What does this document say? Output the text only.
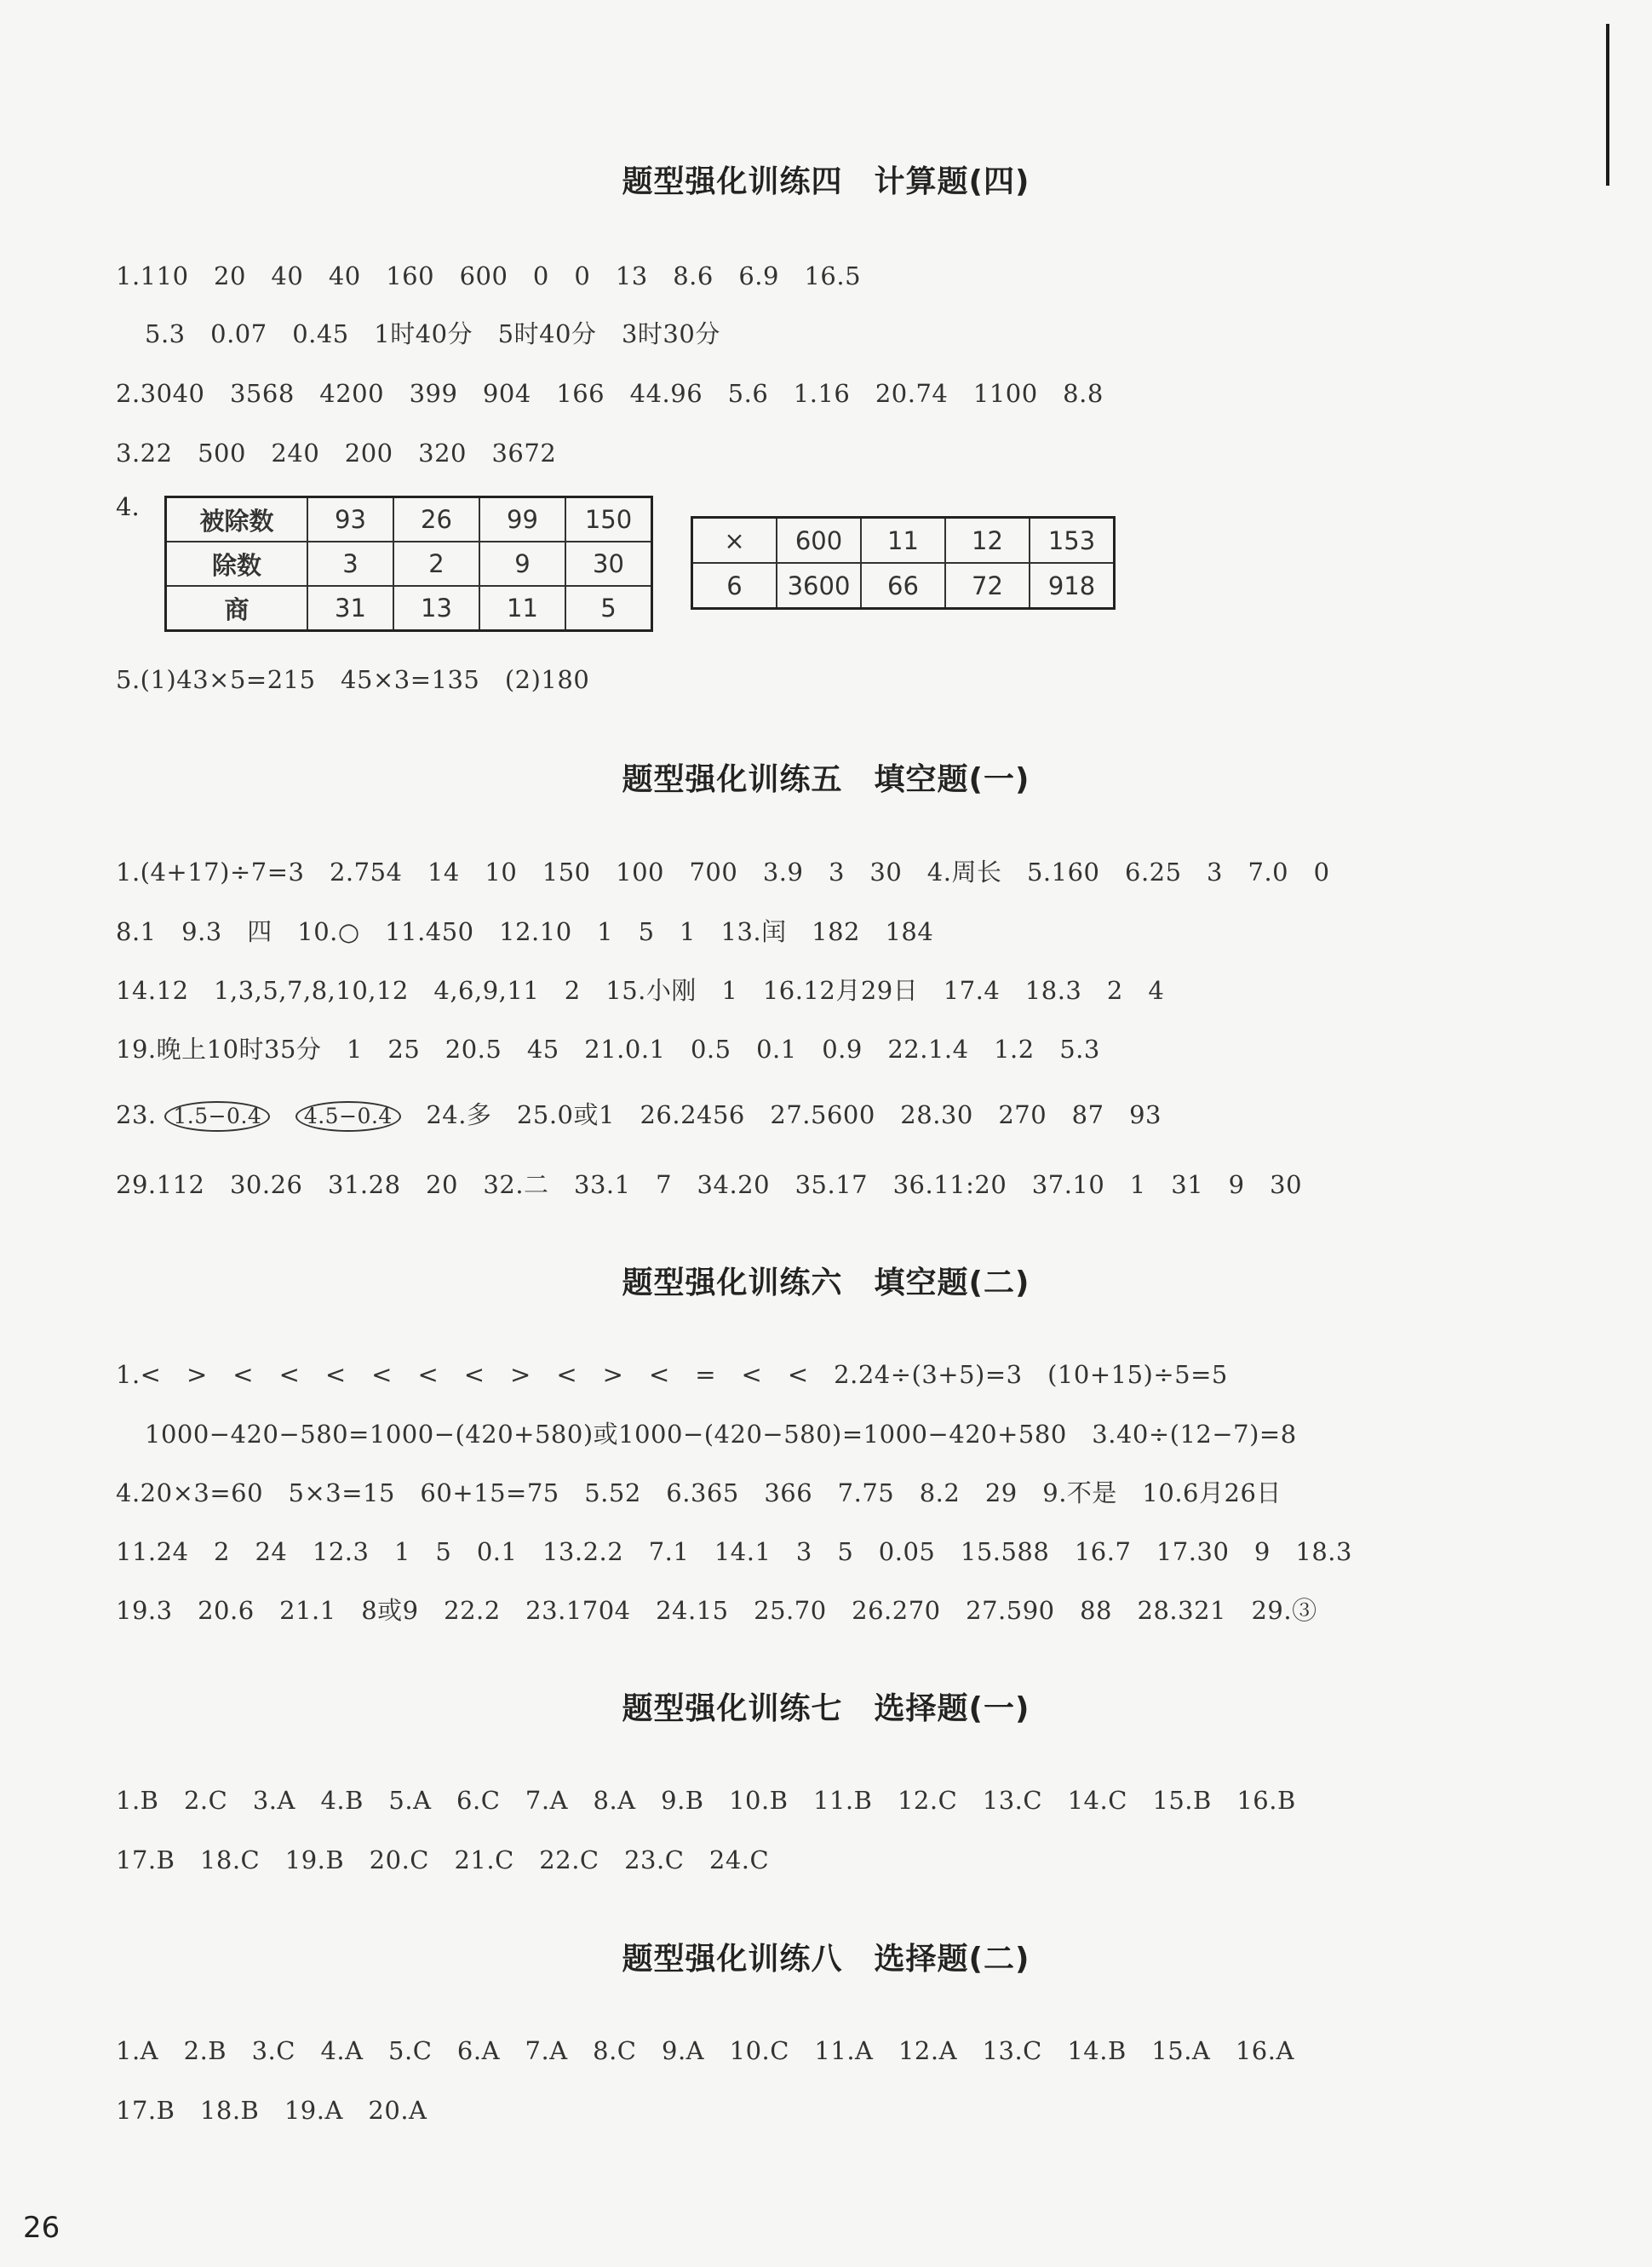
题型强化训练四　计算题(四)
1.110　20　40　40　160　600　0　0　13　8.6　6.9　16.5
5.3　0.07　0.45　1时40分　5时40分　3时30分
2.3040　3568　4200　399　904　166　44.96　5.6　1.16　20.74　1100　8.8
3.22　500　240　200　320　3672
4. 被除数	93	26	99	150
除数	3	2	9	30
商	31	13	11	5
×	600	11	12	153
6	3600	66	72	918
5.(1)43×5=215　45×3=135　(2)180
题型强化训练五　填空题(一)
1.(4+17)÷7=3　2.754　14　10　150　100　700　3.9　3　30　4.周长　5.160　6.25　3　7.0　0
8.1　9.3　四　10.○　11.450　12.10　1　5　1　13.闰　182　184
14.12　1,3,5,7,8,10,12　4,6,9,11　2　15.小刚　1　16.12月29日　17.4　18.3　2　4
19.晚上10时35分　1　25　20.5　45　21.0.1　0.5　0.1　0.9　22.1.4　1.2　5.3
23. 1.5−0.4　 4.5−0.4　 24.多　25.0或1　26.2456　27.5600　28.30　270　87　93
29.112　30.26　31.28　20　32.二　33.1　7　34.20　35.17　36.11:20　37.10　1　31　9　30
题型强化训练六　填空题(二)
1.<　>　<　<　<　<　<　<　>　<　>　<　=　<　<　2.24÷(3+5)=3　(10+15)÷5=5
1000−420−580=1000−(420+580)或1000−(420−580)=1000−420+580　3.40÷(12−7)=8
4.20×3=60　5×3=15　60+15=75　5.52　6.365　366　7.75　8.2　29　9.不是　10.6月26日
11.24　2　24　12.3　1　5　0.1　13.2.2　7.1　14.1　3　5　0.05　15.588　16.7　17.30　9　18.3
19.3　20.6　21.1　8或9　22.2　23.1704　24.15　25.70　26.270　27.590　88　28.321　29.③
题型强化训练七　选择题(一)
1.B　2.C　3.A　4.B　5.A　6.C　7.A　8.A　9.B　10.B　11.B　12.C　13.C　14.C　15.B　16.B
17.B　18.C　19.B　20.C　21.C　22.C　23.C　24.C
题型强化训练八　选择题(二)
1.A　2.B　3.C　4.A　5.C　6.A　7.A　8.C　9.A　10.C　11.A　12.A　13.C　14.B　15.A　16.A
17.B　18.B　19.A　20.A
26
